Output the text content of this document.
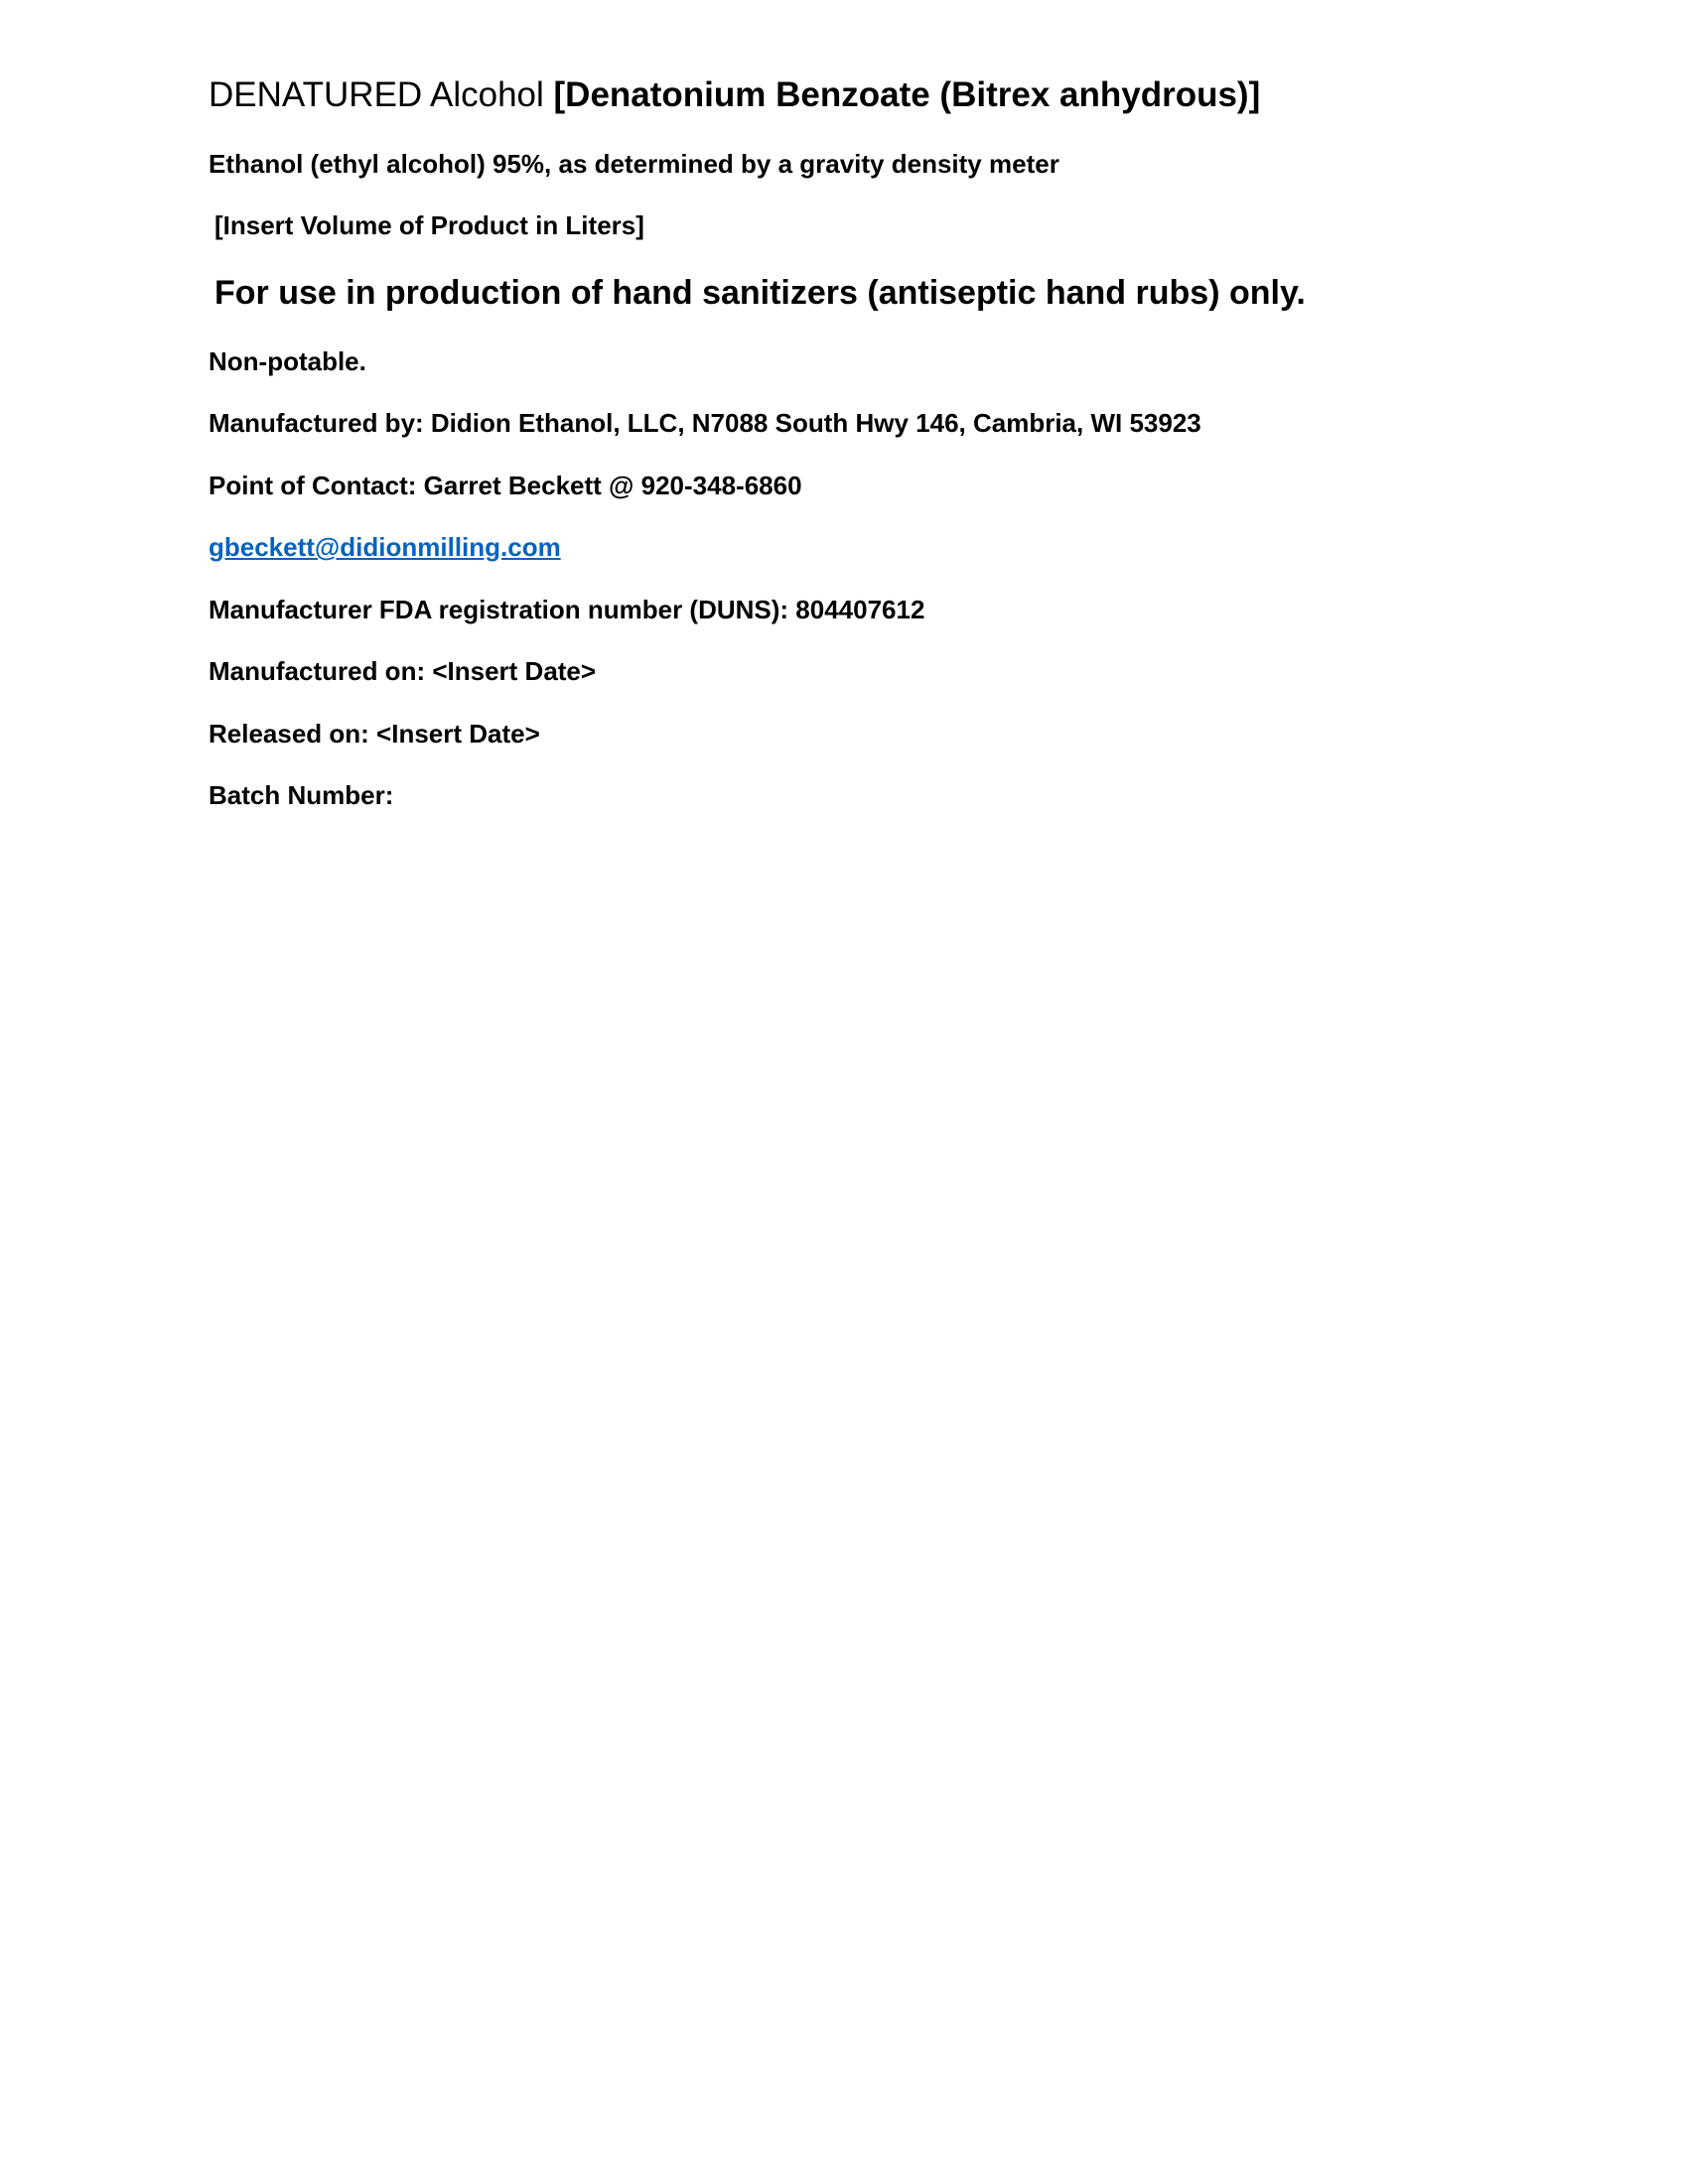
DENATURED Alcohol [Denatonium Benzoate (Bitrex anhydrous)]

Ethanol (ethyl alcohol) 95%, as determined by a gravity density meter

[Insert Volume of Product in Liters]

For use in production of hand sanitizers (antiseptic hand rubs) only.

Non-potable.

Manufactured by: Didion Ethanol, LLC, N7088 South Hwy 146, Cambria, WI 53923

Point of Contact: Garret Beckett @ 920-348-6860

gbeckett@didionmilling.com

Manufacturer FDA registration number (DUNS): 804407612

Manufactured on: <Insert Date>

Released on: <Insert Date>

Batch Number:
